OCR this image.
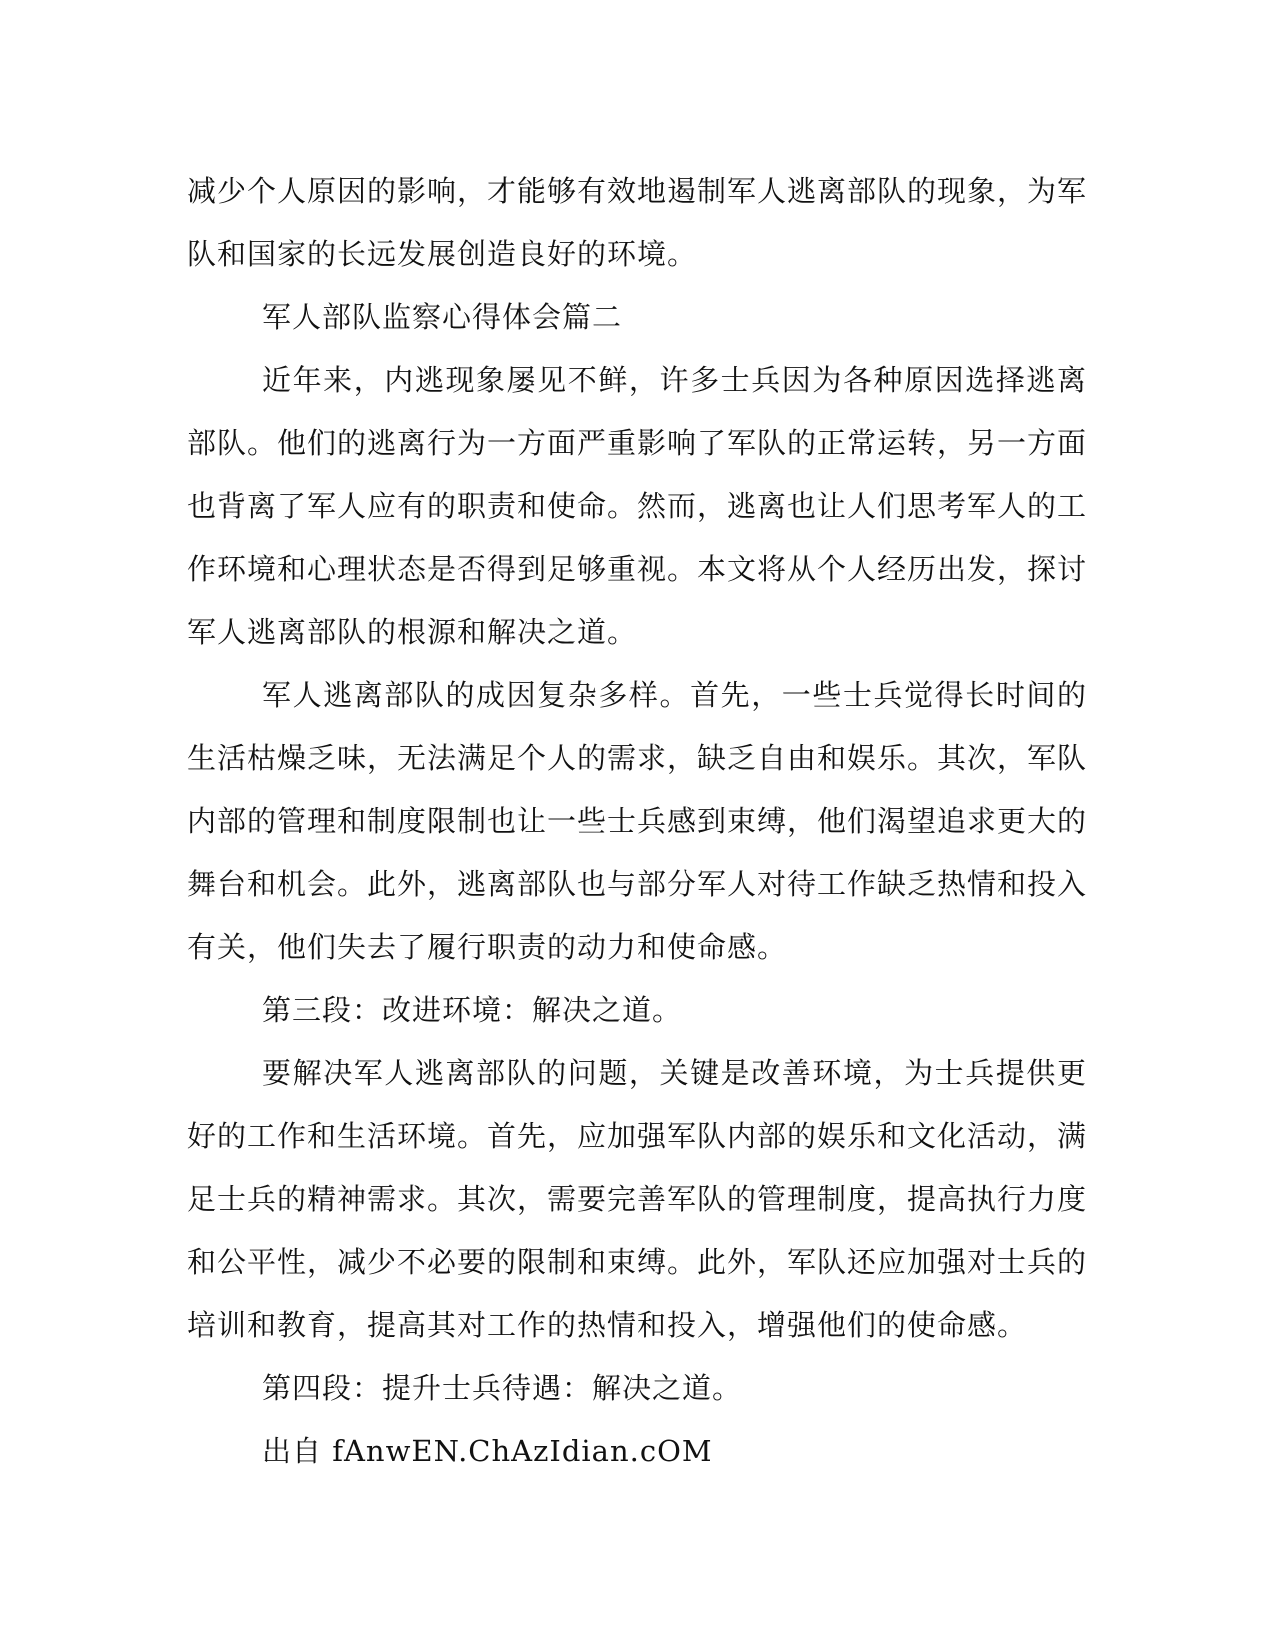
减少个人原因的影响，才能够有效地遏制军人逃离部队的现象，为军队和国家的长远发展创造良好的环境。

军人部队监察心得体会篇二

近年来，内逃现象屡见不鲜，许多士兵因为各种原因选择逃离部队。他们的逃离行为一方面严重影响了军队的正常运转，另一方面也背离了军人应有的职责和使命。然而，逃离也让人们思考军人的工作环境和心理状态是否得到足够重视。本文将从个人经历出发，探讨军人逃离部队的根源和解决之道。

军人逃离部队的成因复杂多样。首先，一些士兵觉得长时间的生活枯燥乏味，无法满足个人的需求，缺乏自由和娱乐。其次，军队内部的管理和制度限制也让一些士兵感到束缚，他们渴望追求更大的舞台和机会。此外，逃离部队也与部分军人对待工作缺乏热情和投入有关，他们失去了履行职责的动力和使命感。

第三段：改进环境：解决之道。

要解决军人逃离部队的问题，关键是改善环境，为士兵提供更好的工作和生活环境。首先，应加强军队内部的娱乐和文化活动，满足士兵的精神需求。其次，需要完善军队的管理制度，提高执行力度和公平性，减少不必要的限制和束缚。此外，军队还应加强对士兵的培训和教育，提高其对工作的热情和投入，增强他们的使命感。

第四段：提升士兵待遇：解决之道。

出自 fAnwEN.ChAzIdian.cOM
